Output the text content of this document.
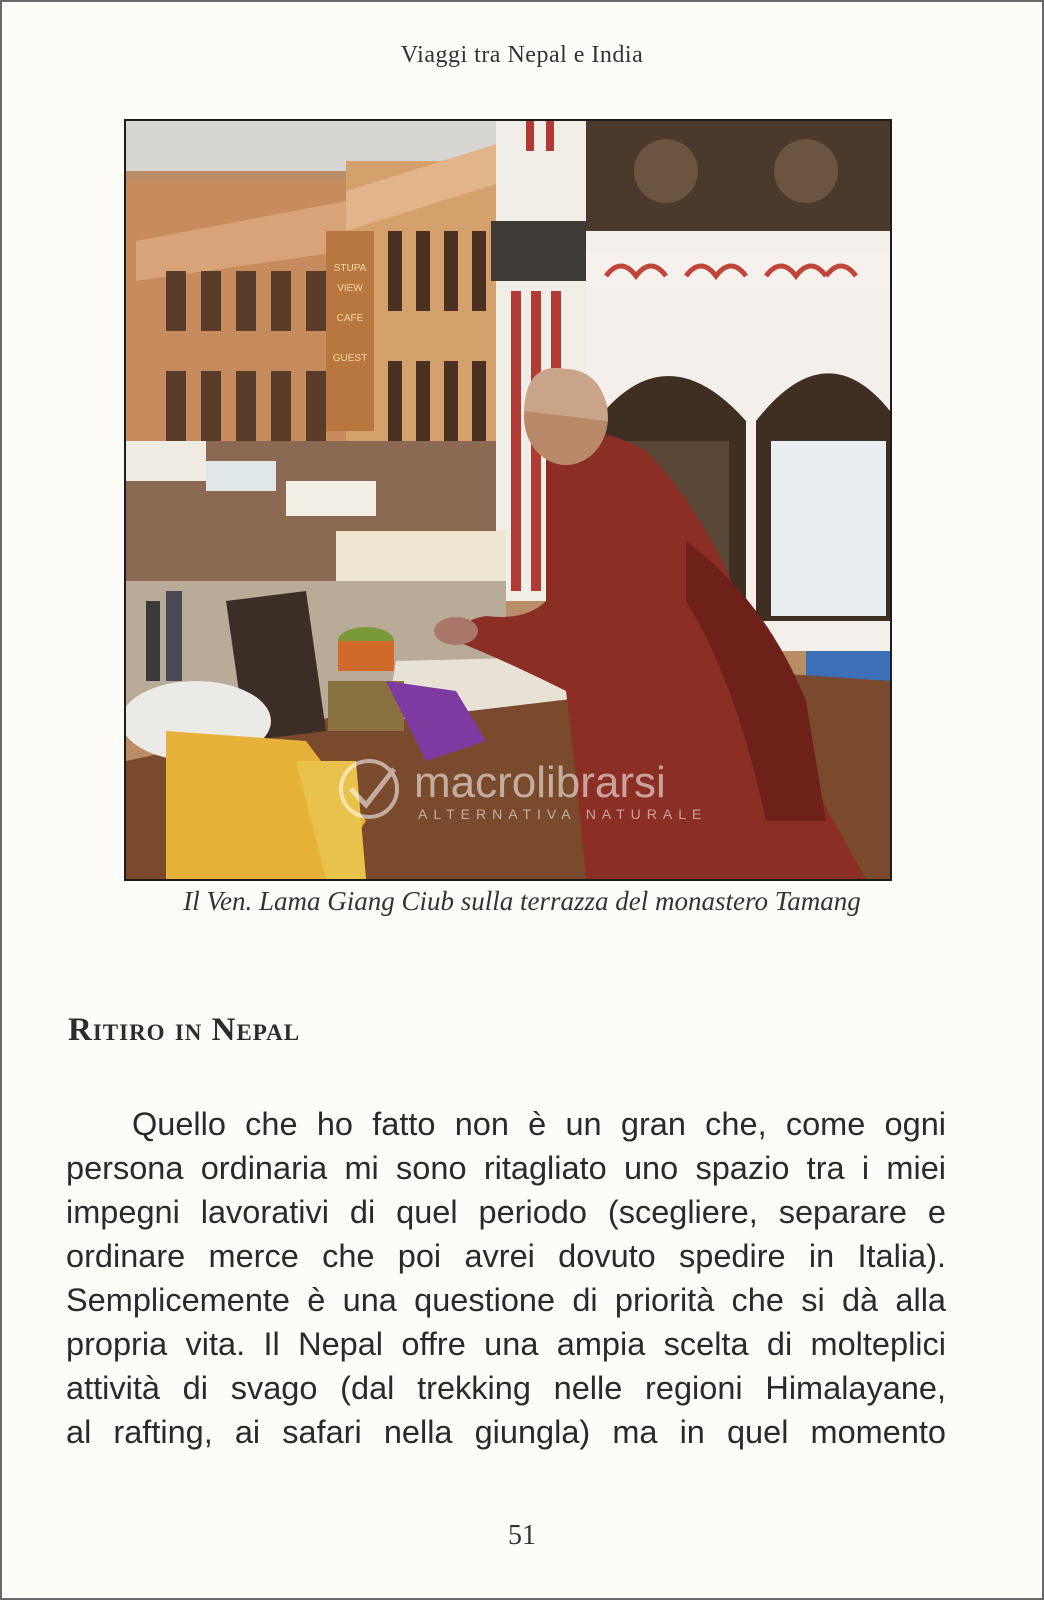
Viaggi tra Nepal e India
STUPA
VIEW
CAFE
GUEST
macrolibrarsi
ALTERNATIVA NATURALE
Il Ven. Lama Giang Ciub sulla terrazza del monastero Tamang
Ritiro in Nepal
Quello che ho fatto non è un gran che, come ogni
persona ordinaria mi sono ritagliato uno spazio tra i miei
impegni lavorativi di quel periodo (scegliere, separare e
ordinare merce che poi avrei dovuto spedire in Italia).
Semplicemente è una questione di priorità che si dà alla
propria vita. Il Nepal offre una ampia scelta di molteplici
attività di svago (dal trekking nelle regioni Himalayane,
al rafting, ai safari nella giungla) ma in quel momento
51
